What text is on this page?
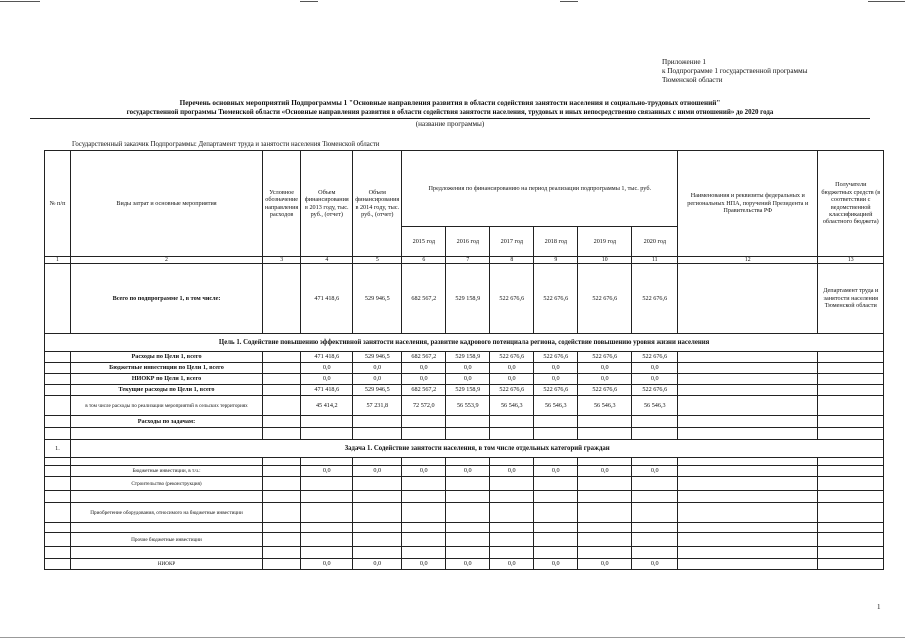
Приложение 1
к Подпрограмме 1 государственной программы
Тюменской области
Перечень основных мероприятий Подпрограммы 1 "Основные направления развития в области содействия занятости населения и социально-трудовых отношений"
государственной программы Тюменской области «Основные направления развития в области содействия занятости населения, трудовых и иных непосредственно связанных с ними отношений» до 2020 года
(название программы)
Государственный заказчик Подпрограммы: Департамент труда и занятости населения Тюменской области
№ п/п	Виды затрат и основные мероприятия	Условное обозначение направления расходов	Объем финансирования в 2013 году, тыс. руб., (отчет)	Объем финансирования в 2014 году, тыс. руб., (отчет)	Предложения по финансированию на период реализации подпрограммы 1, тыс. руб.						Наименования и реквизиты федеральных и региональных НПА, поручений Президента и Правительства РФ	Получатели бюджетных средств (в соответствии с ведомственной классификацией областного бюджета)
					2015 год	2016 год	2017 год	2018 год	2019 год	2020 год		
1	2	3	4	5	6	7	8	9	10	11	12	13
	Всего по подпрограмме 1, в том числе:		471 418,6	529 946,5	682 567,2	529 158,9	522 676,6	522 676,6	522 676,6	522 676,6		Департамент труда и занятости населения Тюменской области
Цель 1. Содействие повышению эффективной занятости населения, развитие кадрового потенциала региона, содействие повышению уровня жизни населения												
	Расходы по Цели 1, всего		471 418,6	529 946,5	682 567,2	529 158,9	522 676,6	522 676,6	522 676,6	522 676,6		
	Бюджетные инвестиции по Цели 1, всего		0,0	0,0	0,0	0,0	0,0	0,0	0,0	0,0		
	НИОКР по Цели 1, всего		0,0	0,0	0,0	0,0	0,0	0,0	0,0	0,0		
	Текущие расходы по Цели 1, всего		471 418,6	529 946,5	682 567,2	529 158,9	522 676,6	522 676,6	522 676,6	522 676,6		
	в том числе расходы по реализации мероприятий в сельских территориях		45 414,2	57 231,8	72 572,0	56 553,9	56 546,3	56 546,3	56 546,3	56 546,3		
	Расходы по задачам:											

1.	Задача 1. Содействие занятости населения, в том числе отдельных категорий граждан											

	Бюджетные инвестиции, в т.ч.:		0,0	0,0	0,0	0,0	0,0	0,0	0,0	0,0		
	Строительство (реконструкция)											

	Приобретение оборудования, относимого на бюджетные инвестиции											

	Прочие бюджетные инвестиции											

	НИОКР		0,0	0,0	0,0	0,0	0,0	0,0	0,0	0,0		
1
